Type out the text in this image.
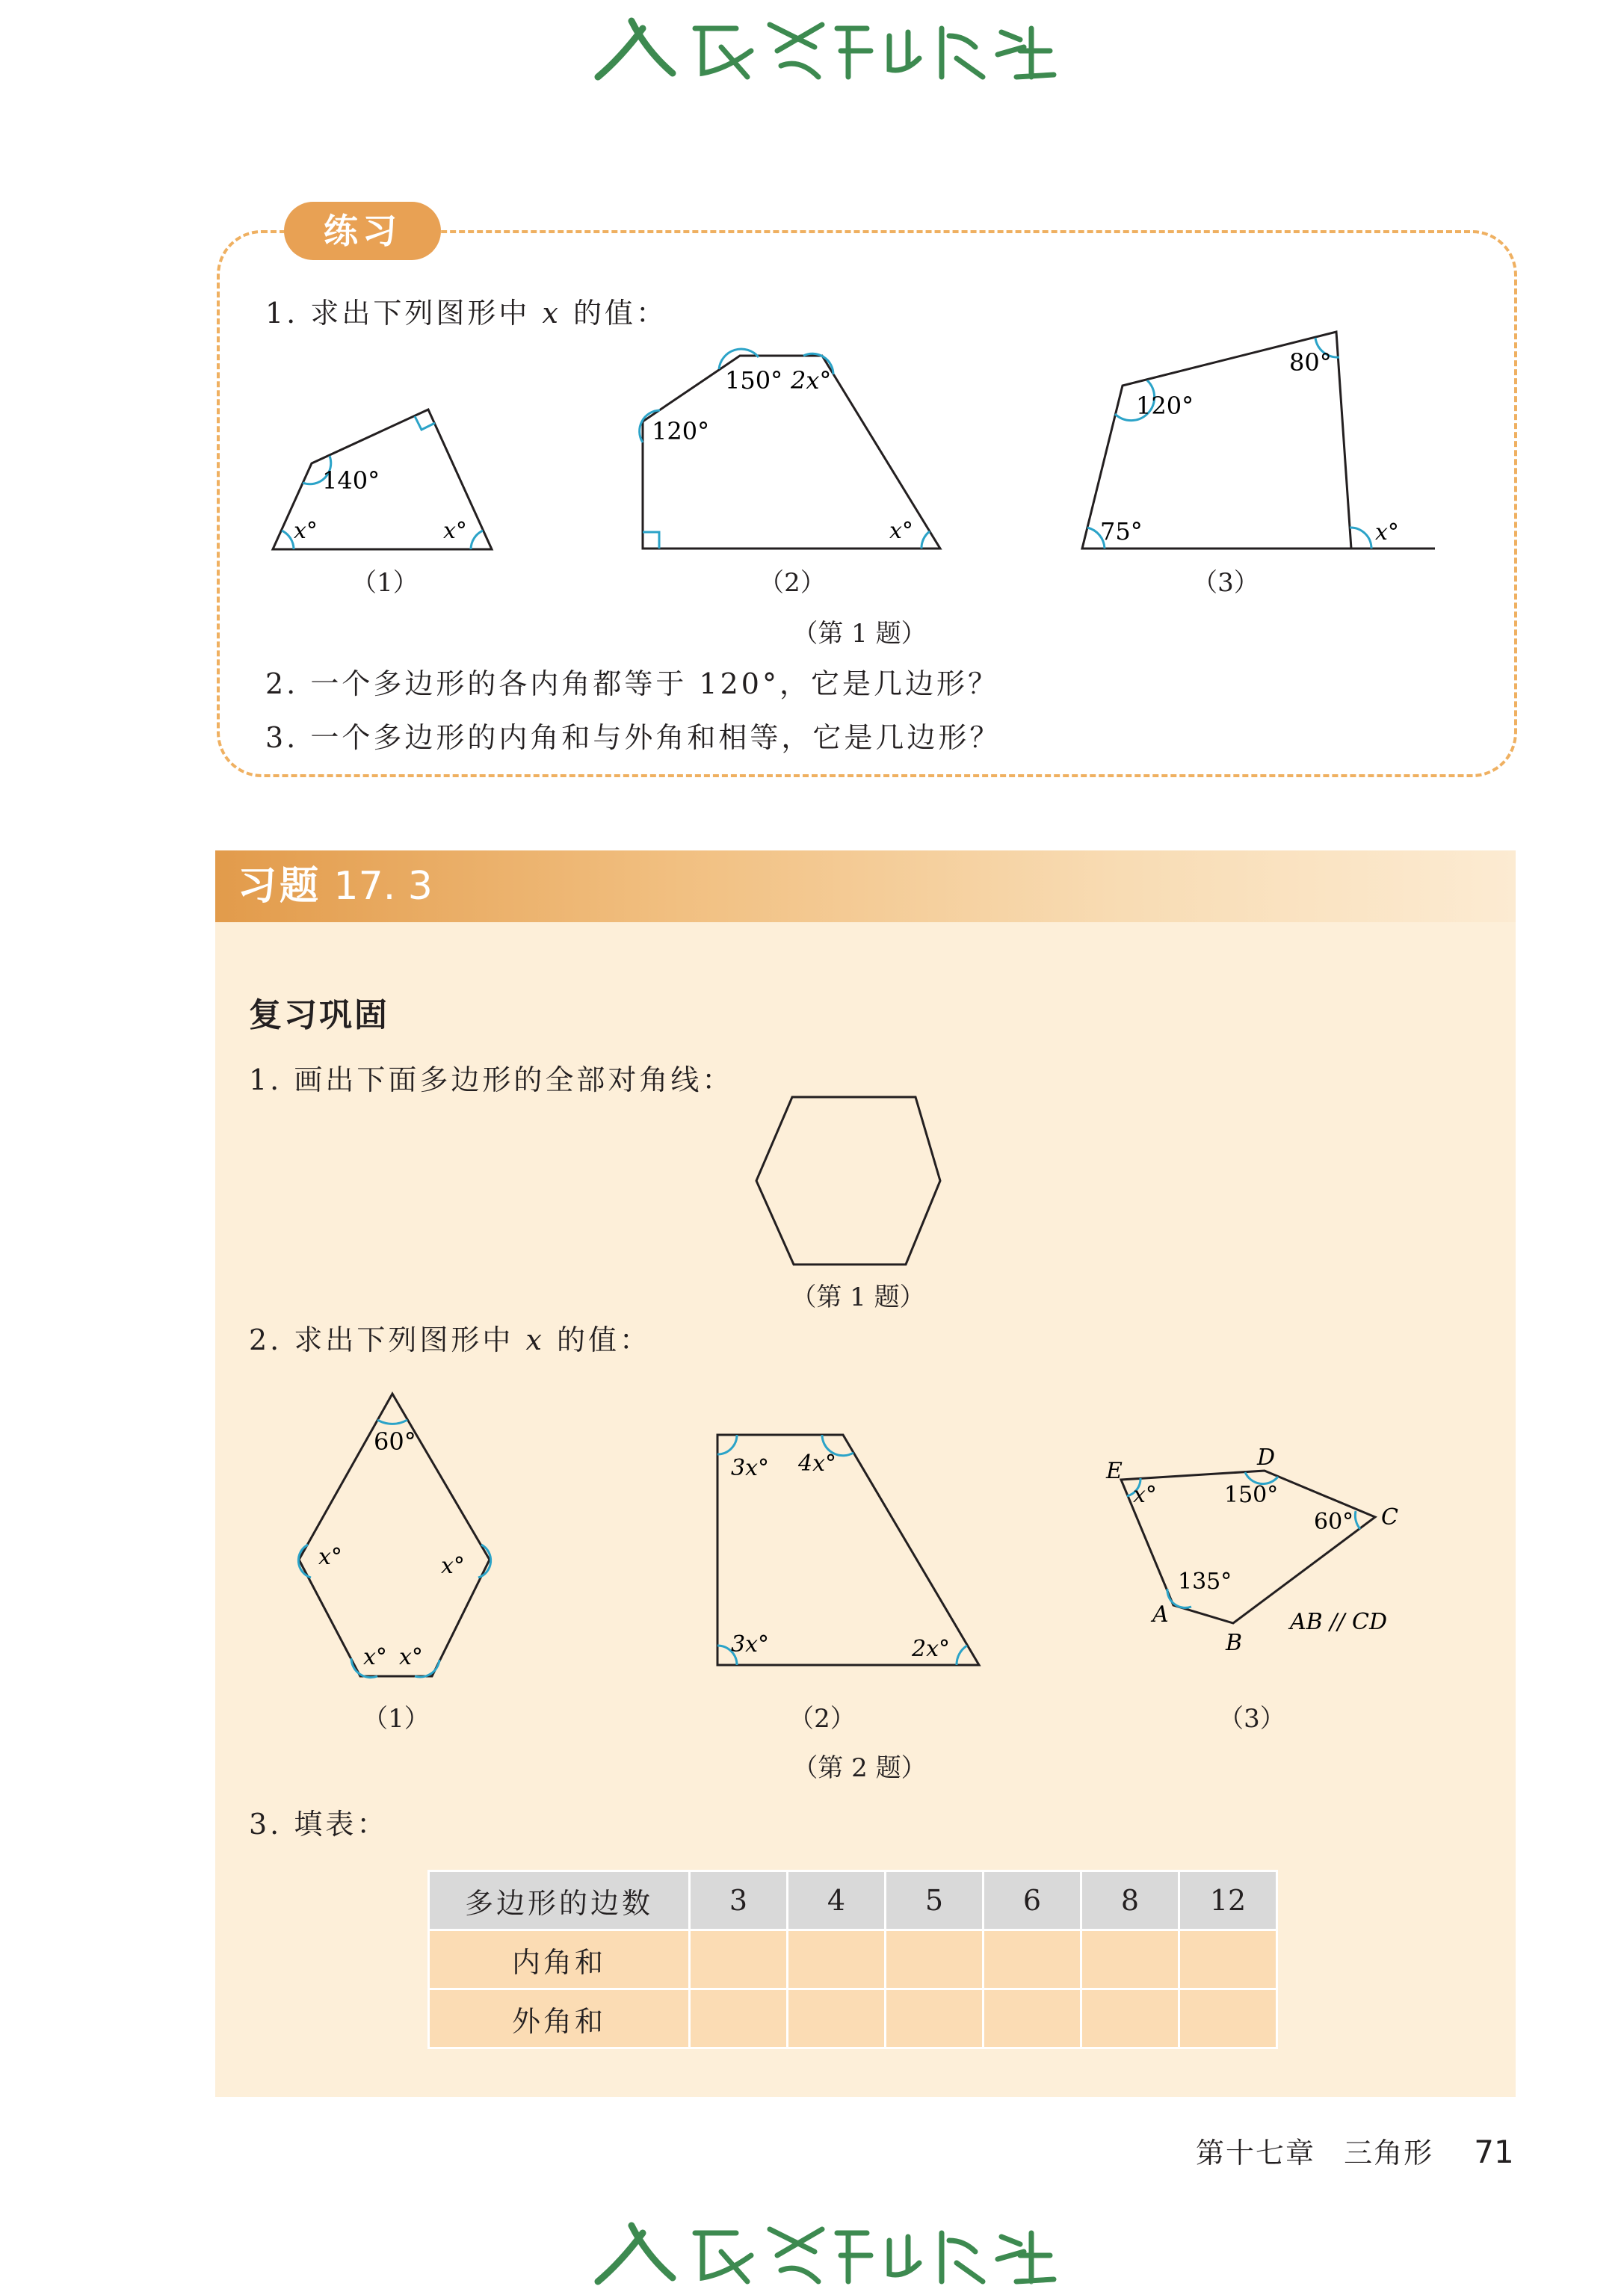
人民教育出版社
练习
1. 求出下列图形中 x 的值：
140°
x°	x°
（1）
150° 2x°
120°
x°
（2）
120°
80°
75°	x°
（3）
（第 1 题）
2. 一个多边形的各内角都等于 120°，它是几边形？
3. 一个多边形的内角和与外角和相等，它是几边形？
习题 17. 3
复习巩固
1. 画出下面多边形的全部对角线：
（第 1 题）
2. 求出下列图形中 x 的值：
60°
x°	x°
x° x°
（1）
3x° 4x°
3x°	2x°
（2）
E
D
C
A
B
x°	150°
60°
135°
AB // CD
（3）
（第 2 题）
3. 填表：
多边形的边数	3	4	5	6	8	12
内角和						
外角和						
第十七章 三角形 71
人民教育出版社
